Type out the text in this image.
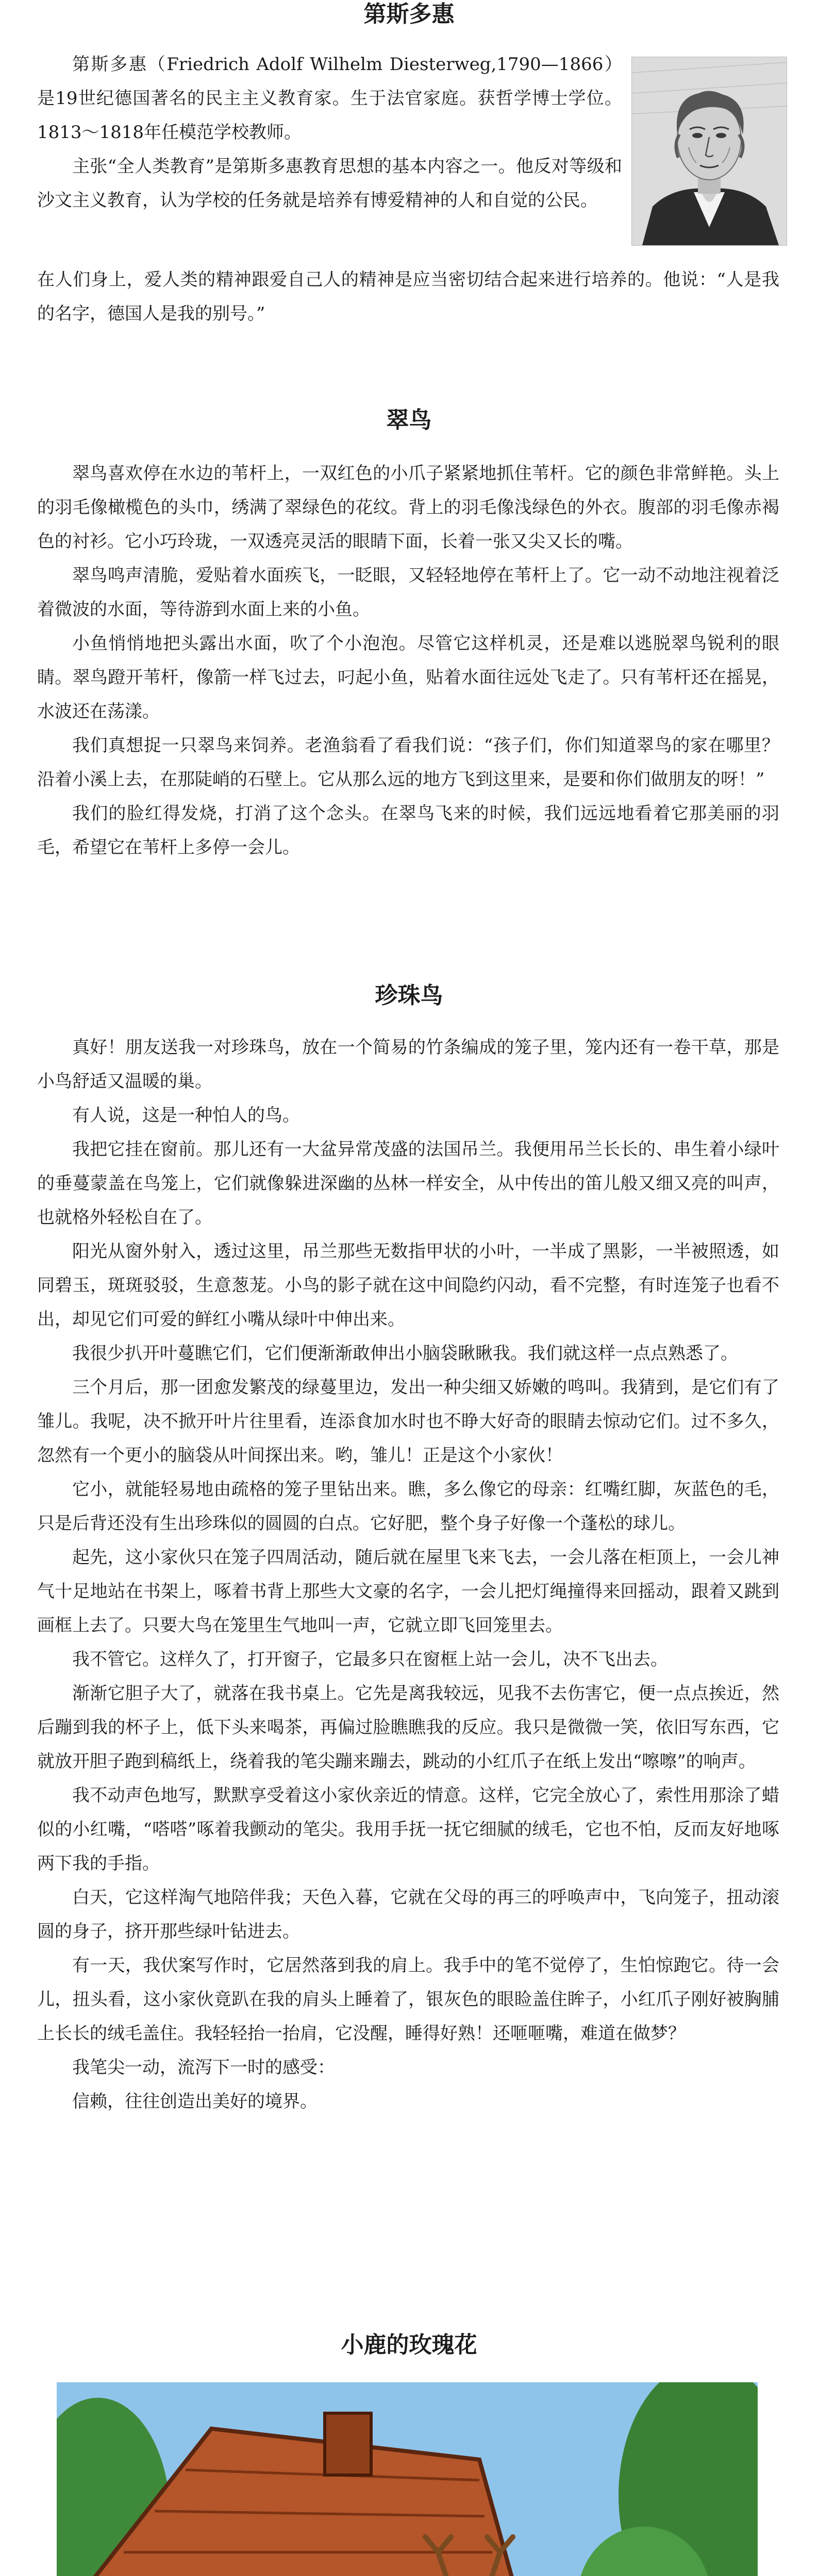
第斯多惠

第斯多惠（Friedrich Adolf Wilhelm Diesterweg,1790—1866）是19世纪德国著名的民主主义教育家。生于法官家庭。获哲学博士学位。1813～1818年任模范学校教师。

主张“全人类教育”是第斯多惠教育思想的基本内容之一。他反对等级和沙文主义教育，认为学校的任务就是培养有博爱精神的人和自觉的公民。

在人们身上，爱人类的精神跟爱自己人的精神是应当密切结合起来进行培养的。他说：“人是我的名字，德国人是我的别号。”

翠鸟

翠鸟喜欢停在水边的苇杆上，一双红色的小爪子紧紧地抓住苇杆。它的颜色非常鲜艳。头上的羽毛像橄榄色的头巾，绣满了翠绿色的花纹。背上的羽毛像浅绿色的外衣。腹部的羽毛像赤褐色的衬衫。它小巧玲珑，一双透亮灵活的眼睛下面，长着一张又尖又长的嘴。

翠鸟鸣声清脆，爱贴着水面疾飞，一眨眼，又轻轻地停在苇杆上了。它一动不动地注视着泛着微波的水面，等待游到水面上来的小鱼。

小鱼悄悄地把头露出水面，吹了个小泡泡。尽管它这样机灵，还是难以逃脱翠鸟锐利的眼睛。翠鸟蹬开苇杆，像箭一样飞过去，叼起小鱼，贴着水面往远处飞走了。只有苇杆还在摇晃，水波还在荡漾。

我们真想捉一只翠鸟来饲养。老渔翁看了看我们说：“孩子们，你们知道翠鸟的家在哪里？沿着小溪上去，在那陡峭的石壁上。它从那么远的地方飞到这里来，是要和你们做朋友的呀！”

我们的脸红得发烧，打消了这个念头。在翠鸟飞来的时候，我们远远地看着它那美丽的羽毛，希望它在苇杆上多停一会儿。

珍珠鸟

真好！朋友送我一对珍珠鸟，放在一个简易的竹条编成的笼子里，笼内还有一卷干草，那是小鸟舒适又温暖的巢。

有人说，这是一种怕人的鸟。

我把它挂在窗前。那儿还有一大盆异常茂盛的法国吊兰。我便用吊兰长长的、串生着小绿叶的垂蔓蒙盖在鸟笼上，它们就像躲进深幽的丛林一样安全，从中传出的笛儿般又细又亮的叫声，也就格外轻松自在了。

阳光从窗外射入，透过这里，吊兰那些无数指甲状的小叶，一半成了黑影，一半被照透，如同碧玉，斑斑驳驳，生意葱茏。小鸟的影子就在这中间隐约闪动，看不完整，有时连笼子也看不出，却见它们可爱的鲜红小嘴从绿叶中伸出来。

我很少扒开叶蔓瞧它们，它们便渐渐敢伸出小脑袋瞅瞅我。我们就这样一点点熟悉了。

三个月后，那一团愈发繁茂的绿蔓里边，发出一种尖细又娇嫩的鸣叫。我猜到，是它们有了雏儿。我呢，决不掀开叶片往里看，连添食加水时也不睁大好奇的眼睛去惊动它们。过不多久，忽然有一个更小的脑袋从叶间探出来。哟，雏儿！正是这个小家伙！

它小，就能轻易地由疏格的笼子里钻出来。瞧，多么像它的母亲：红嘴红脚，灰蓝色的毛，只是后背还没有生出珍珠似的圆圆的白点。它好肥，整个身子好像一个蓬松的球儿。

起先，这小家伙只在笼子四周活动，随后就在屋里飞来飞去，一会儿落在柜顶上，一会儿神气十足地站在书架上，啄着书背上那些大文豪的名字，一会儿把灯绳撞得来回摇动，跟着又跳到画框上去了。只要大鸟在笼里生气地叫一声，它就立即飞回笼里去。

我不管它。这样久了，打开窗子，它最多只在窗框上站一会儿，决不飞出去。

渐渐它胆子大了，就落在我书桌上。它先是离我较远，见我不去伤害它，便一点点挨近，然后蹦到我的杯子上，低下头来喝茶，再偏过脸瞧瞧我的反应。我只是微微一笑，依旧写东西，它就放开胆子跑到稿纸上，绕着我的笔尖蹦来蹦去，跳动的小红爪子在纸上发出“嚓嚓”的响声。

我不动声色地写，默默享受着这小家伙亲近的情意。这样，它完全放心了，索性用那涂了蜡似的小红嘴，“嗒嗒”啄着我颤动的笔尖。我用手抚一抚它细腻的绒毛，它也不怕，反而友好地啄两下我的手指。

白天，它这样淘气地陪伴我；天色入暮，它就在父母的再三的呼唤声中，飞向笼子，扭动滚圆的身子，挤开那些绿叶钻进去。

有一天，我伏案写作时，它居然落到我的肩上。我手中的笔不觉停了，生怕惊跑它。待一会儿，扭头看，这小家伙竟趴在我的肩头上睡着了，银灰色的眼睑盖住眸子，小红爪子刚好被胸脯上长长的绒毛盖住。我轻轻抬一抬肩，它没醒，睡得好熟！还咂咂嘴，难道在做梦？

我笔尖一动，流泻下一时的感受：

信赖，往往创造出美好的境界。

小鹿的玫瑰花
